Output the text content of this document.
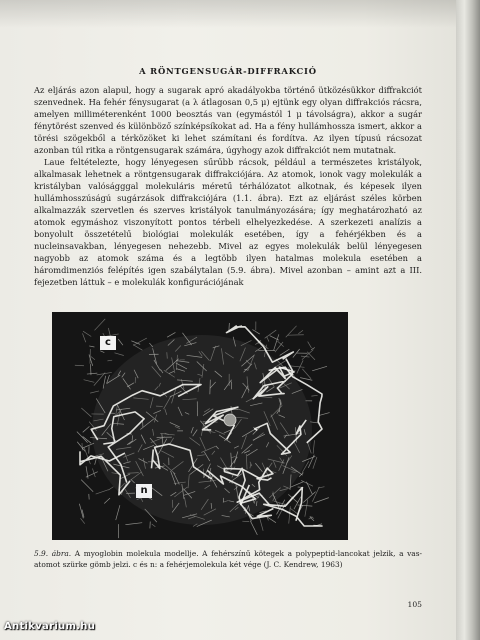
A RÖNTGENSUGÁR-DIFFRAKCIÓ

Az eljárás azon alapul, hogy a sugarak apró akadályokba történő ütközésükkor diffrakciót szenvednek. Ha fehér fénysugarat (a λ átlagosan 0,5 μ) ejtünk egy olyan diffrakciós rácsra, amelyen milliméterenként 1000 beosztás van (egymástól 1 μ távolságra), akkor a sugár fénytörést szenved és különböző színképsíkokat ad. Ha a fény hullámhossza ismert, akkor a törési szögekből a térközöket ki lehet számítani és fordítva. Az ilyen típusú rácsozat azonban túl ritka a röntgensugarak számára, úgyhogy azok diffrakciót nem mutatnak.

Laue feltételezte, hogy lényegesen sűrűbb rácsok, például a természetes kristályok, alkalmasak lehetnek a röntgensugarak diffrakciójára. Az atomok, ionok vagy molekulák a kristályban valóságggal molekuláris méretű térhálózatot alkotnak, és képesek ilyen hullámhosszúságú sugárzások diffrakciójára (1.1. ábra). Ezt az eljárást széles körben alkalmazzák szervetlen és szerves kristályok tanulmányozására; így meghatározható az atomok egymáshoz viszonyított pontos térbeli elhelyezkedése. A szerkezeti analízis a bonyolult összetételű biológiai molekulák esetében, így a fehérjékben és a nucleinsavakban, lényegesen nehezebb. Mivel az egyes molekulák belül lényegesen nagyobb az atomok száma és a legtöbb ilyen hatalmas molekula esetében a háromdimenziós felépítés igen szabálytalan (5.9. ábra). Mivel azonban – amint azt a III. fejezetben láttuk – e molekulák konfigurációjának

c
n

5.9. ábra. A myoglobin molekula modellje. A fehérszínű kötegek a polypeptid-lancokat jelzik, a vas-atomot szürke gömb jelzi. c és n: a fehérjemolekula két vége (J. C. Kendrew, 1963)

105
Antikvarium.hu
